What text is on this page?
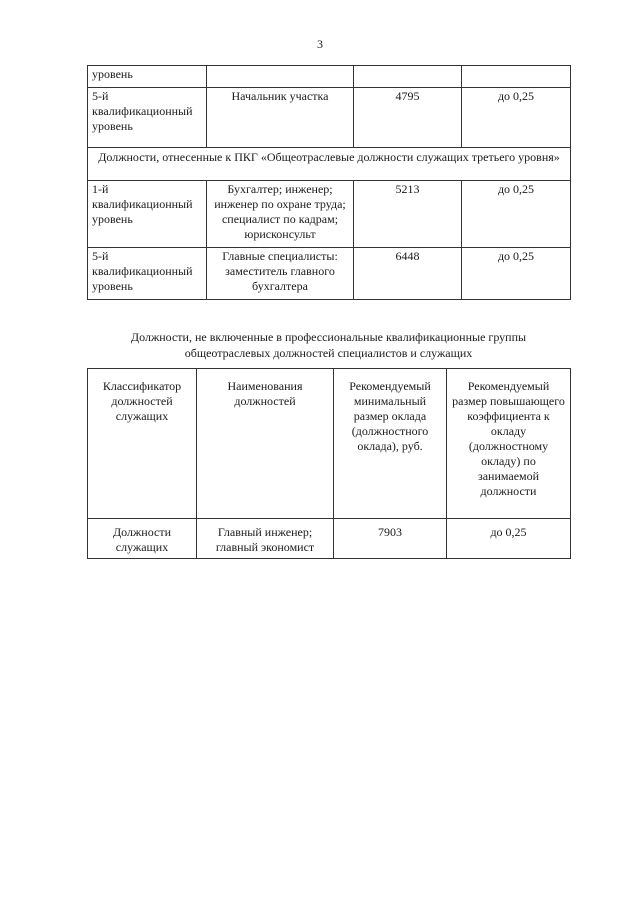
3
уровень			
5-й квалификационный уровень	Начальник участка	4795	до 0,25
Должности, отнесенные к ПКГ «Общеотраслевые должности служащих третьего уровня»			
1-й квалификационный уровень	Бухгалтер; инженер; инженер по охране труда; специалист по кадрам; юрисконсульт	5213	до 0,25
5-й квалификационный уровень	Главные специалисты: заместитель главного бухгалтера	6448	до 0,25
Должности, не включенные в профессиональные квалификационные группы общеотраслевых должностей специалистов и служащих
Классификатор должностей служащих	Наименования должностей	Рекомендуемый минимальный размер оклада (должностного оклада), руб.	Рекомендуемый размер повышающего коэффициента к окладу (должностному окладу) по занимаемой должности
Должности служащих	Главный инженер; главный экономист	7903	до 0,25
